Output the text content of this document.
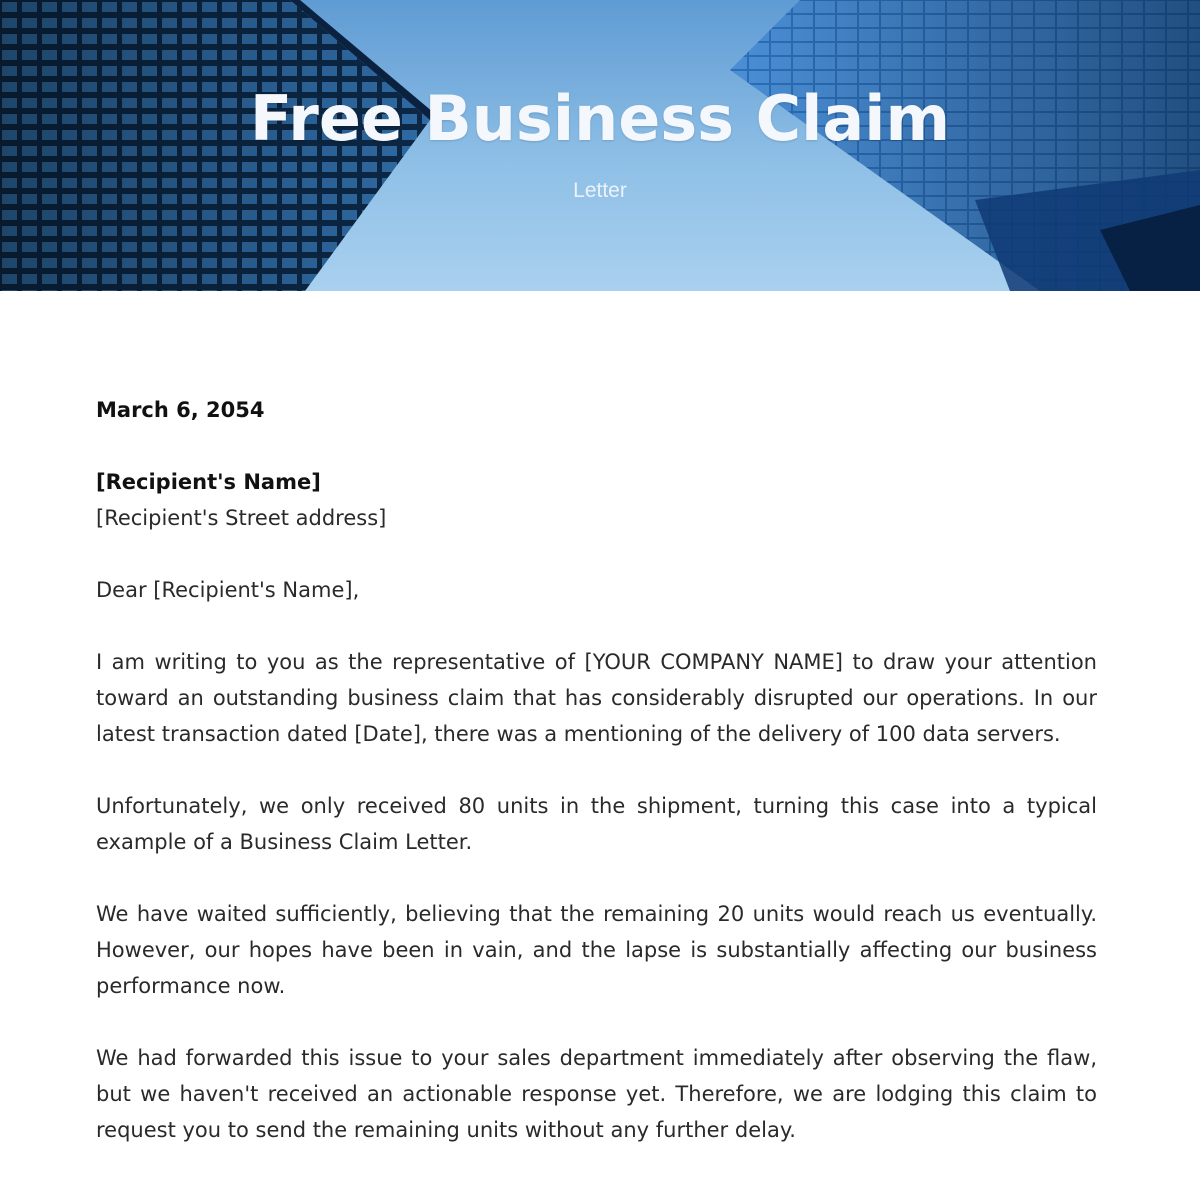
Free Business Claim
Letter
March 6, 2054
[Recipient's Name]
[Recipient's Street address]
Dear [Recipient's Name],

I am writing to you as the representative of [YOUR COMPANY NAME] to draw your attention toward an outstanding business claim that has considerably disrupted our operations. In our latest transaction dated [Date], there was a mentioning of the delivery of 100 data servers.

Unfortunately, we only received 80 units in the shipment, turning this case into a typical example of a Business Claim Letter.

We have waited sufficiently, believing that the remaining 20 units would reach us eventually. However, our hopes have been in vain, and the lapse is substantially affecting our business performance now.

We had forwarded this issue to your sales department immediately after observing the flaw, but we haven't received an actionable response yet. Therefore, we are lodging this claim to request you to send the remaining units without any further delay.
